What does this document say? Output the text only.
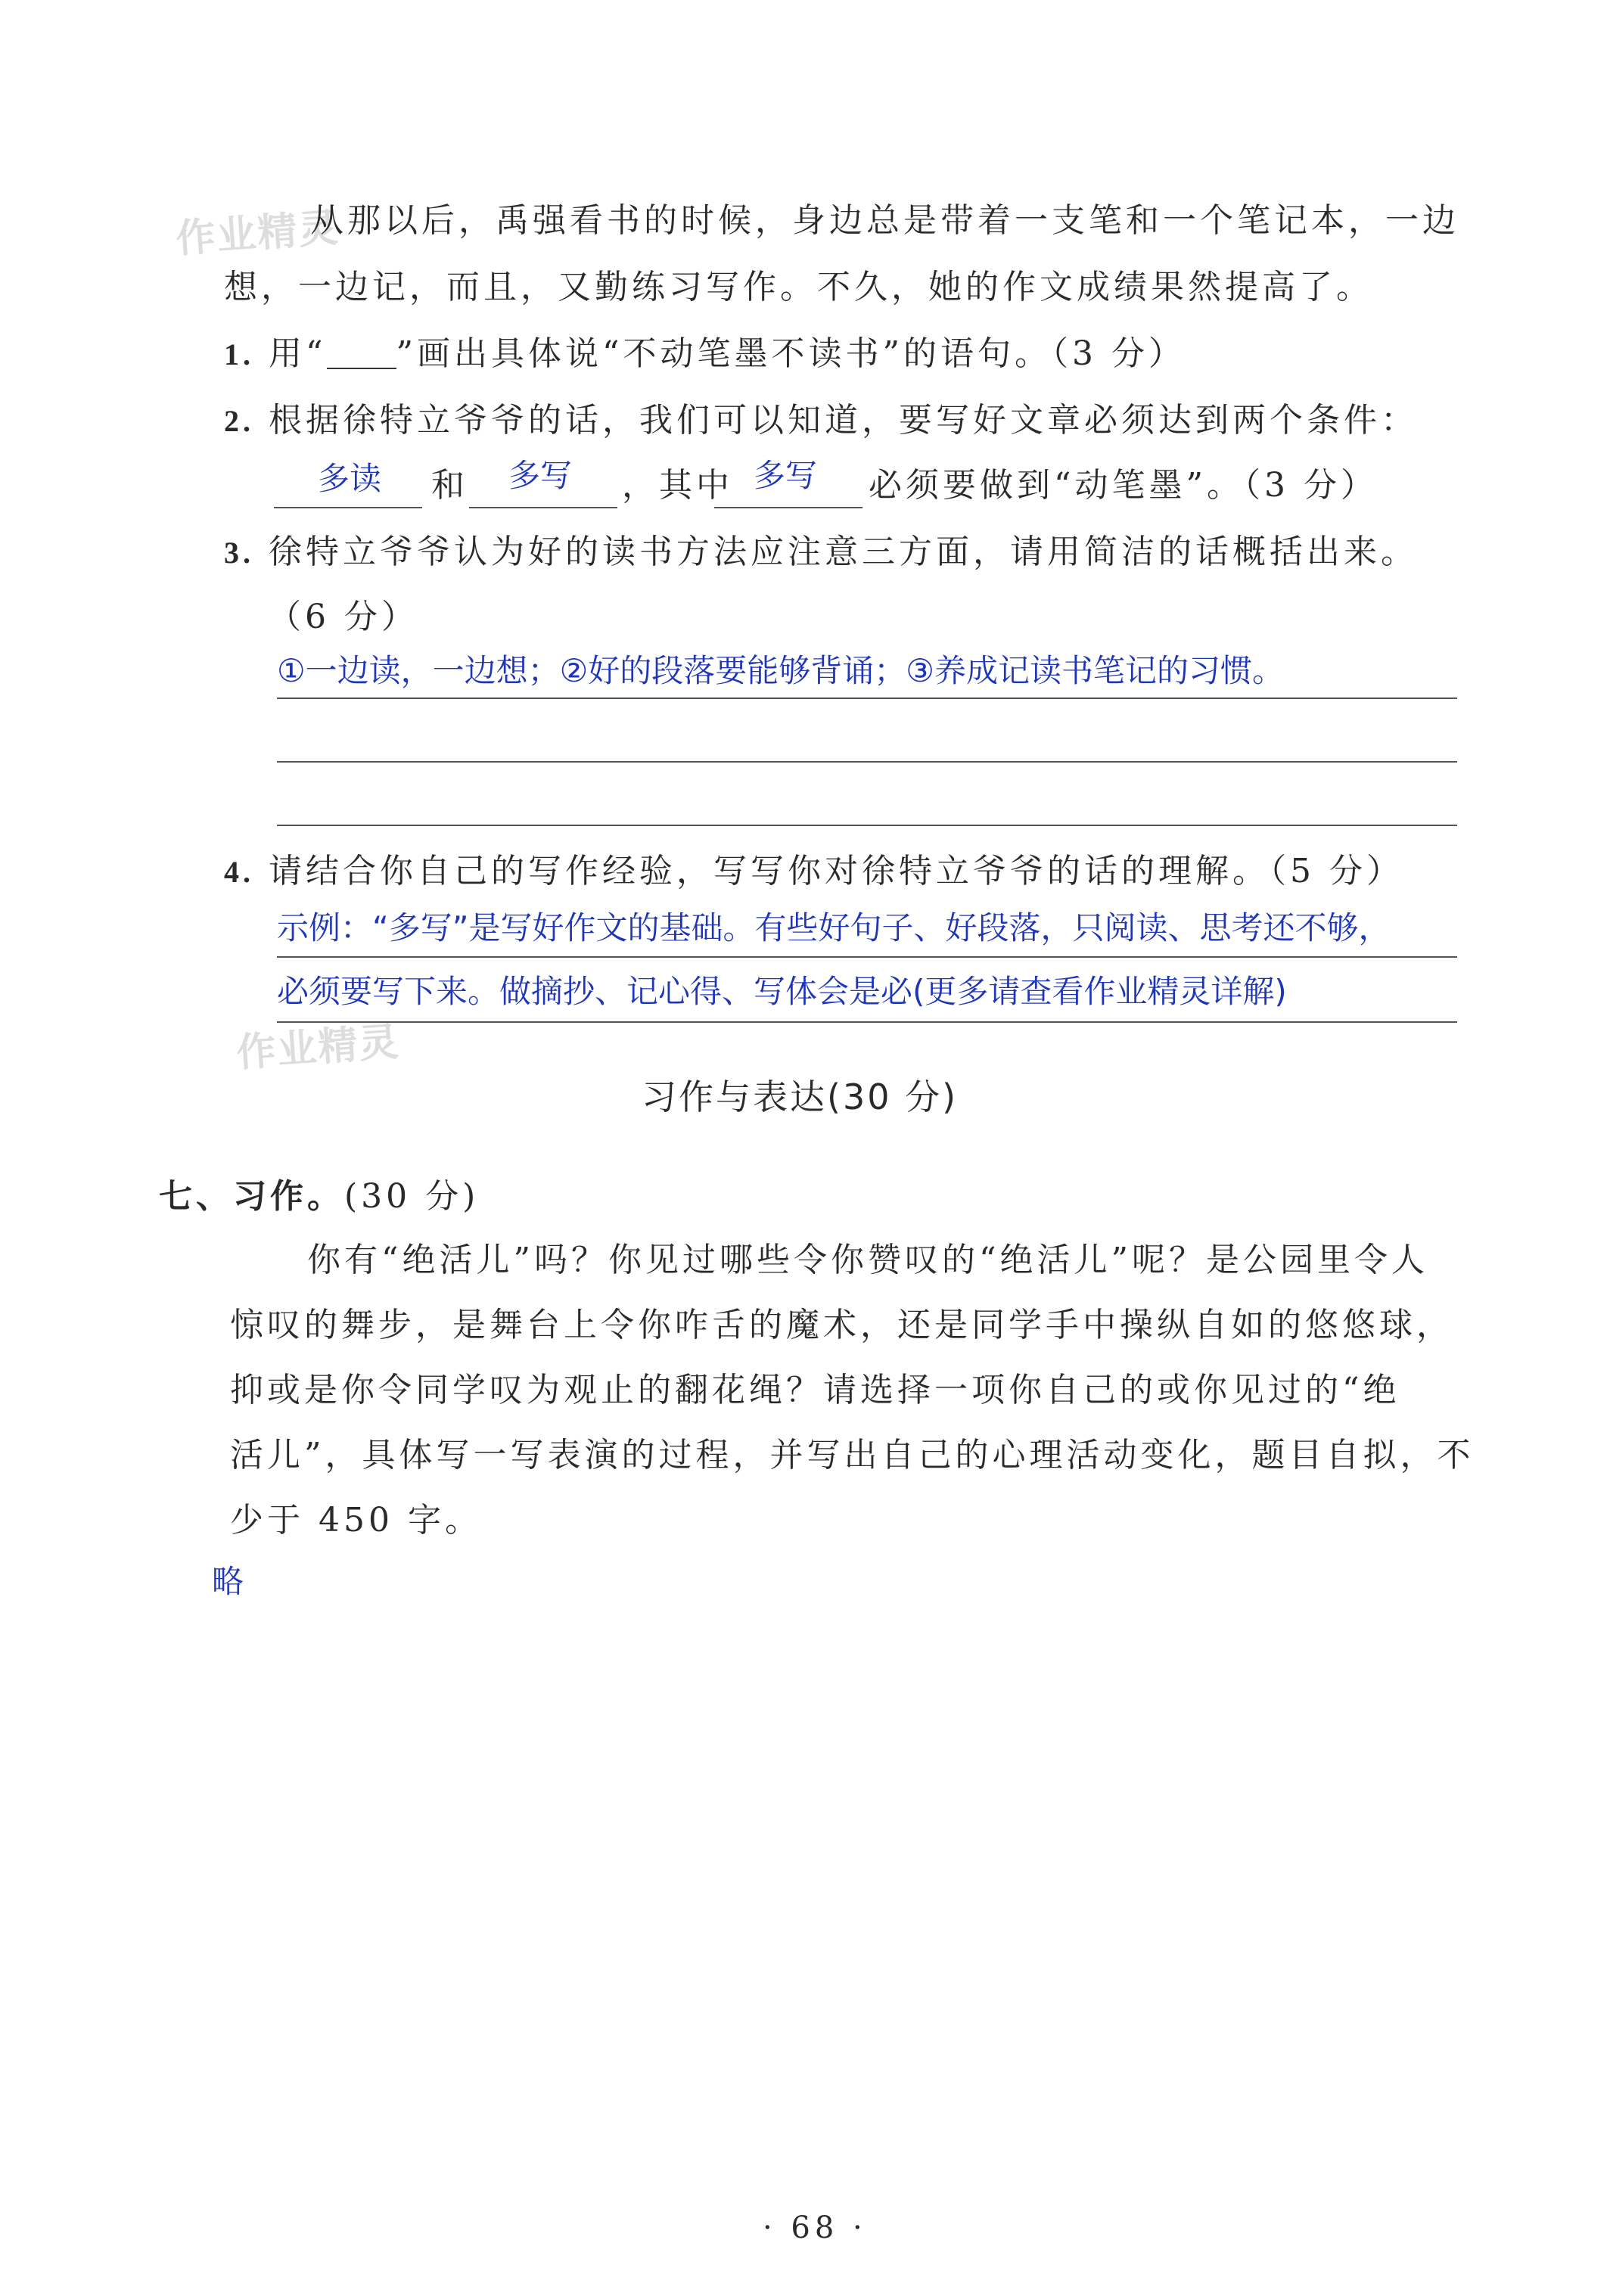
作业精灵
作业精灵
从那以后，禹强看书的时候，身边总是带着一支笔和一个笔记本，一边
想，一边记，而且，又勤练习写作。不久，她的作文成绩果然提高了。
1. 用“ ”画出具体说“不动笔墨不读书”的语句。（3 分）
2. 根据徐特立爷爷的话，我们可以知道，要写好文章必须达到两个条件：
多读 和 多写 ，其中 多写 必须要做到“动笔墨”。（3 分）
3. 徐特立爷爷认为好的读书方法应注意三方面，请用简洁的话概括出来。
（6 分）
①一边读，一边想；②好的段落要能够背诵；③养成记读书笔记的习惯。
4. 请结合你自己的写作经验，写写你对徐特立爷爷的话的理解。（5 分）
示例：“多写”是写好作文的基础。有些好句子、好段落，只阅读、思考还不够，
必须要写下来。做摘抄、记心得、写体会是必(更多请查看作业精灵详解)
习作与表达(30 分)
七、习作。(30 分)
你有“绝活儿”吗？你见过哪些令你赞叹的“绝活儿”呢？是公园里令人
惊叹的舞步，是舞台上令你咋舌的魔术，还是同学手中操纵自如的悠悠球，
抑或是你令同学叹为观止的翻花绳？请选择一项你自己的或你见过的“绝
活儿”，具体写一写表演的过程，并写出自己的心理活动变化，题目自拟，不
少于 450 字。
略
· 68 ·
